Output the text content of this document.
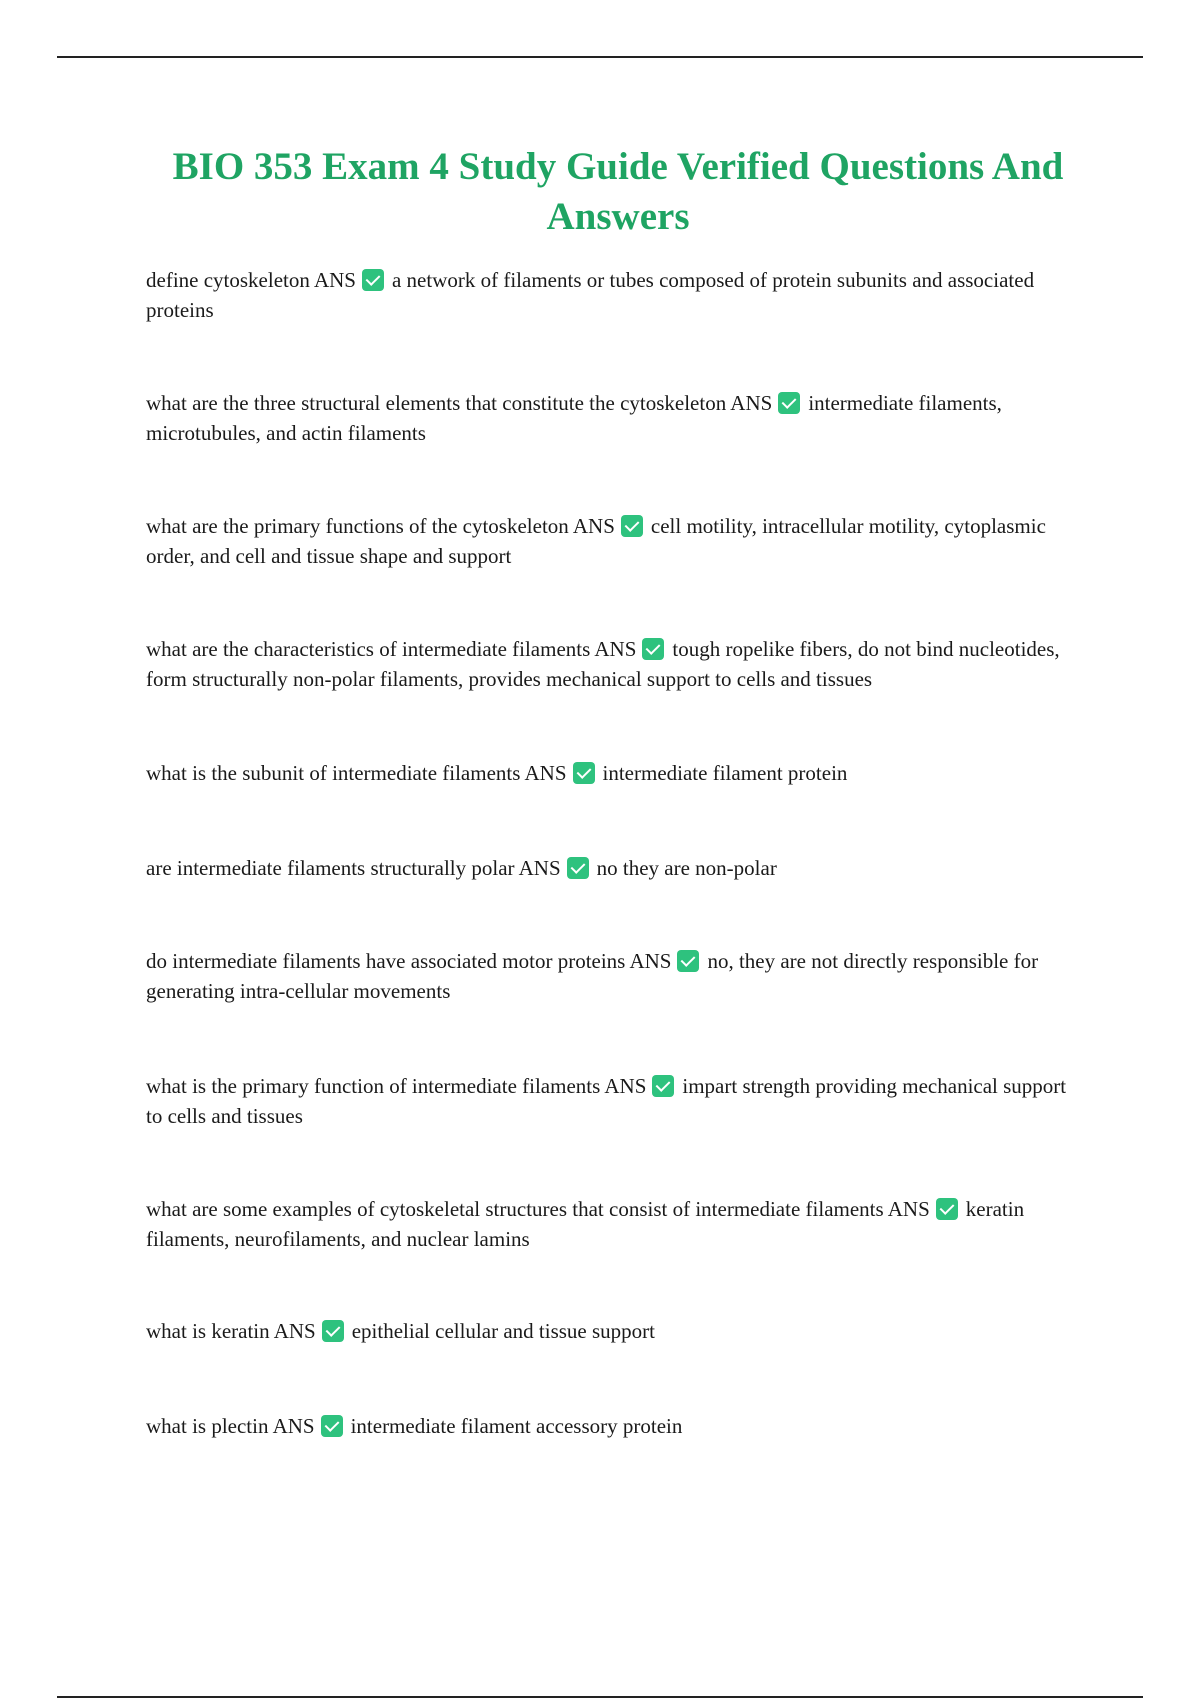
BIO 353 Exam 4 Study Guide Verified Questions And Answers
define cytoskeleton ANS a network of filaments or tubes composed of protein subunits and associated proteins
what are the three structural elements that constitute the cytoskeleton ANS intermediate filaments, microtubules, and actin filaments
what are the primary functions of the cytoskeleton ANS cell motility, intracellular motility, cytoplasmic order, and cell and tissue shape and support
what are the characteristics of intermediate filaments ANS tough ropelike fibers, do not bind nucleotides, form structurally non-polar filaments, provides mechanical support to cells and tissues
what is the subunit of intermediate filaments ANS intermediate filament protein
are intermediate filaments structurally polar ANS no they are non-polar
do intermediate filaments have associated motor proteins ANS no, they are not directly responsible for generating intra-cellular movements
what is the primary function of intermediate filaments ANS impart strength providing mechanical support to cells and tissues
what are some examples of cytoskeletal structures that consist of intermediate filaments ANS keratin filaments, neurofilaments, and nuclear lamins
what is keratin ANS epithelial cellular and tissue support
what is plectin ANS intermediate filament accessory protein
